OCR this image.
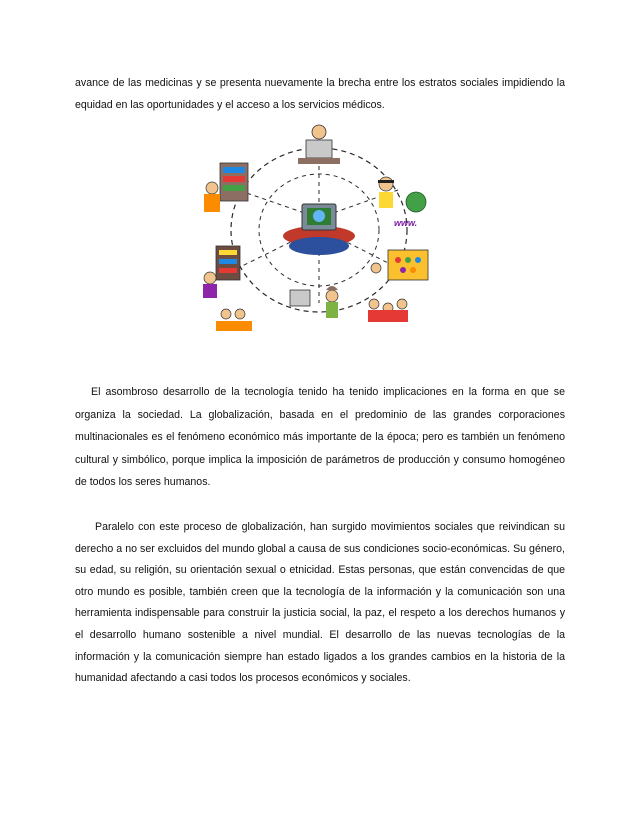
avance de las medicinas y se presenta nuevamente la brecha entre los estratos sociales impidiendo la equidad en las oportunidades y el acceso a los servicios médicos.

www.

El asombroso desarrollo de la tecnología tenido ha tenido implicaciones en la forma en que se organiza la sociedad. La globalización, basada en el predominio de las grandes corporaciones multinacionales es el fenómeno económico más importante de la época; pero es también un fenómeno cultural y simbólico, porque implica la imposición de parámetros de producción y consumo homogéneo de todos los seres humanos.

Paralelo con este proceso de globalización, han surgido movimientos sociales que reivindican su derecho a no ser excluidos del mundo global a causa de sus condiciones socio-económicas. Su género, su edad, su religión, su orientación sexual o etnicidad. Estas personas, que están convencidas de que otro mundo es posible, también creen que la tecnología de la información y la comunicación son una herramienta indispensable para construir la justicia social, la paz, el respeto a los derechos humanos y el desarrollo humano sostenible a nivel mundial. El desarrollo de las nuevas tecnologías de la información y la comunicación siempre han estado ligados a los grandes cambios en la historia de la humanidad afectando a casi todos los procesos económicos y sociales.
